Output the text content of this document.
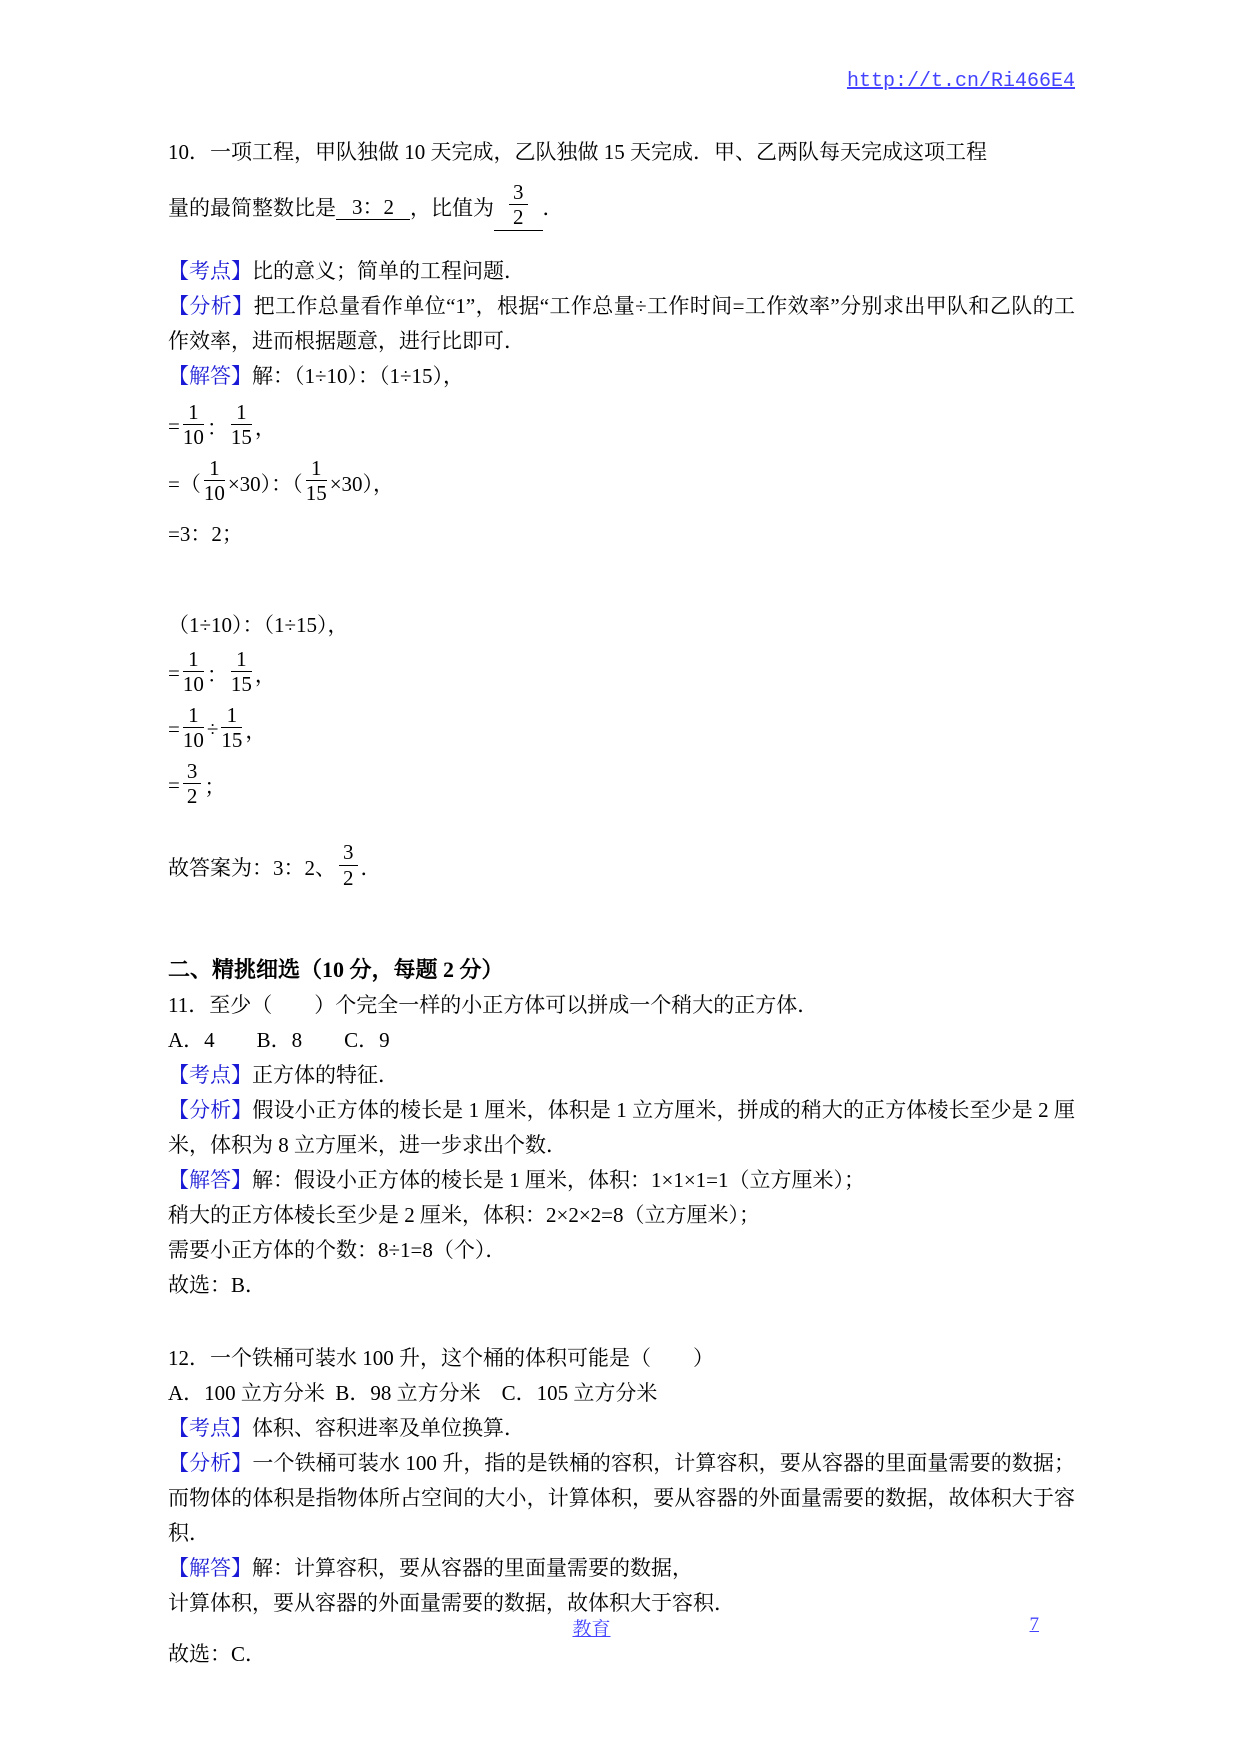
http://t.cn/Ri466E4

10．一项工程，甲队独做 10 天完成，乙队独做 15 天完成．甲、乙两队每天完成这项工程

量的最简整数比是 3：2 ，比值为 $\frac{3}{2}$ ．

【考点】比的意义；简单的工程问题．

【分析】把工作总量看作单位“1”，根据“工作总量÷工作时间=工作效率”分别求出甲队和乙队的工作效率，进而根据题意，进行比即可．

【解答】解：（1÷10）：（1÷15），

= $\frac{1}{10}$ ： $\frac{1}{15}$ ，
=（ $\frac{1}{10} \times 30$）：（ $\frac{1}{15} \times 30$），
=3：2；
（1÷10）：（1÷15），
= $\frac{1}{10}$ ： $\frac{1}{15}$ ，
= $\frac{1}{10} \div \frac{1}{15}$ ，
= $\frac{3}{2}$ ；
故答案为：3：2、 $\frac{3}{2}$ ．

二、精挑细选（10 分，每题 2 分）

11．至少（　　）个完全一样的小正方体可以拼成一个稍大的正方体．

A．4　　B．8　　C．9

【考点】正方体的特征．

【分析】假设小正方体的棱长是 1 厘米，体积是 1 立方厘米，拼成的稍大的正方体棱长至少是 2 厘米，体积为 8 立方厘米，进一步求出个数．

【解答】解：假设小正方体的棱长是 1 厘米，体积：1×1×1=1（立方厘米）；

稍大的正方体棱长至少是 2 厘米，体积：2×2×2=8（立方厘米）；

需要小正方体的个数：8÷1=8（个）．

故选：B．

12．一个铁桶可装水 100 升，这个桶的体积可能是（　　）

A．100 立方分米  B．98 立方分米    C．105 立方分米

【考点】体积、容积进率及单位换算．

【分析】一个铁桶可装水 100 升，指的是铁桶的容积，计算容积，要从容器的里面量需要的数据；而物体的体积是指物体所占空间的大小，计算体积，要从容器的外面量需要的数据，故体积大于容积．

【解答】解：计算容积，要从容器的里面量需要的数据，

计算体积，要从容器的外面量需要的数据，故体积大于容积．

故选：C．

教育	7
